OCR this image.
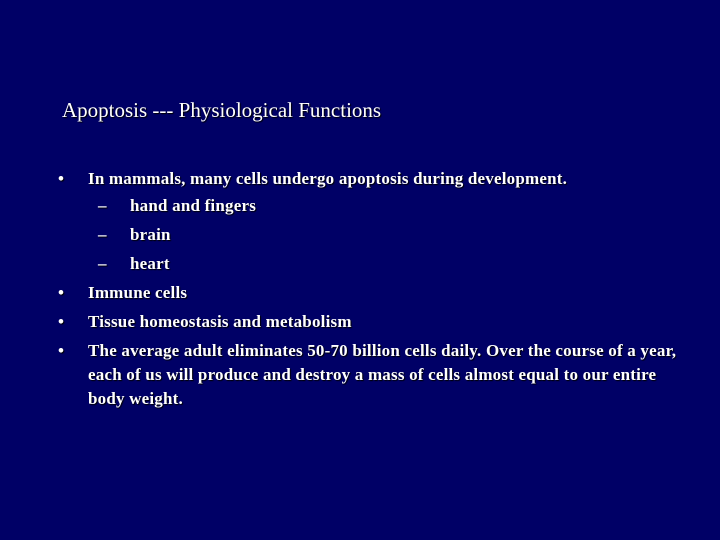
Apoptosis --- Physiological Functions
•	In mammals, many cells undergo apoptosis during development.
–	hand and fingers
–	brain
–	heart
•	Immune cells
•	Tissue homeostasis and metabolism
•	The average adult eliminates 50-70 billion cells daily. Over the course of a year, each of us will produce and destroy a mass of cells almost equal to our entire body weight.
